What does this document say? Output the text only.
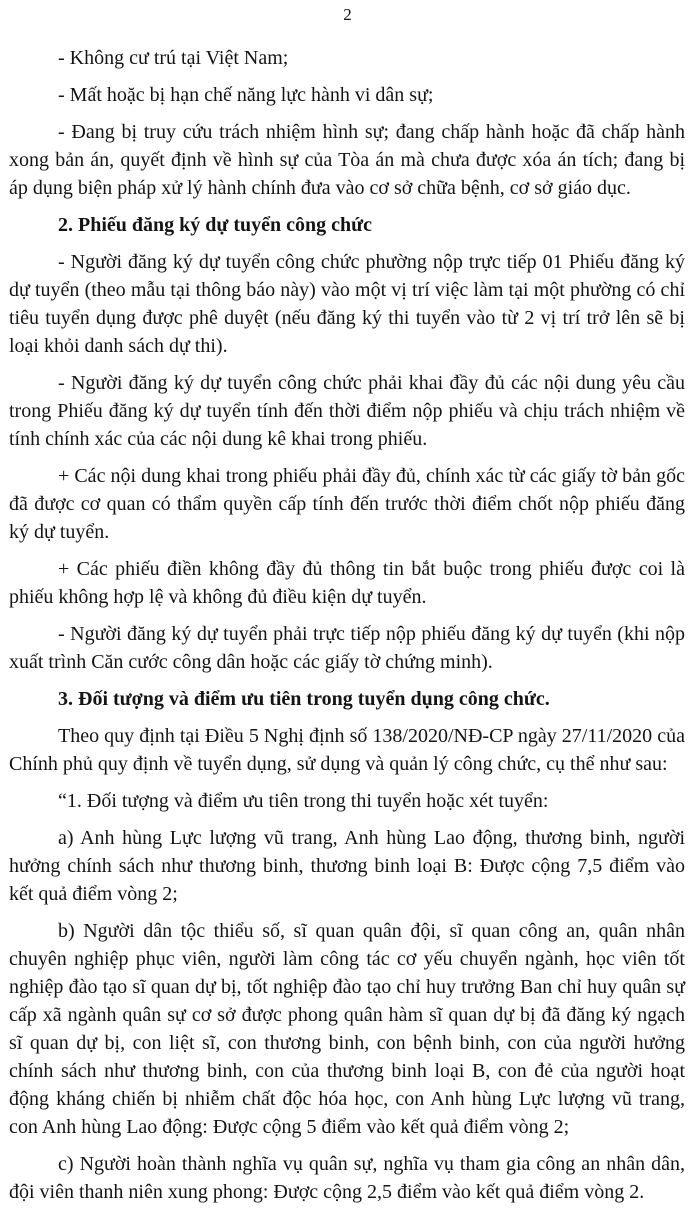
2

- Không cư trú tại Việt Nam;

- Mất hoặc bị hạn chế năng lực hành vi dân sự;

- Đang bị truy cứu trách nhiệm hình sự; đang chấp hành hoặc đã chấp hành xong bản án, quyết định về hình sự của Tòa án mà chưa được xóa án tích; đang bị áp dụng biện pháp xử lý hành chính đưa vào cơ sở chữa bệnh, cơ sở giáo dục.

2. Phiếu đăng ký dự tuyển công chức

- Người đăng ký dự tuyển công chức phường nộp trực tiếp 01 Phiếu đăng ký dự tuyển (theo mẫu tại thông báo này) vào một vị trí việc làm tại một phường có chỉ tiêu tuyển dụng được phê duyệt (nếu đăng ký thi tuyển vào từ 2 vị trí trở lên sẽ bị loại khỏi danh sách dự thi).

- Người đăng ký dự tuyển công chức phải khai đầy đủ các nội dung yêu cầu trong Phiếu đăng ký dự tuyển tính đến thời điểm nộp phiếu và chịu trách nhiệm về tính chính xác của các nội dung kê khai trong phiếu.

+ Các nội dung khai trong phiếu phải đầy đủ, chính xác từ các giấy tờ bản gốc đã được cơ quan có thẩm quyền cấp tính đến trước thời điểm chốt nộp phiếu đăng ký dự tuyển.

+ Các phiếu điền không đầy đủ thông tin bắt buộc trong phiếu được coi là phiếu không hợp lệ và không đủ điều kiện dự tuyển.

- Người đăng ký dự tuyển phải trực tiếp nộp phiếu đăng ký dự tuyển (khi nộp xuất trình Căn cước công dân hoặc các giấy tờ chứng minh).

3. Đối tượng và điểm ưu tiên trong tuyển dụng công chức.

Theo quy định tại Điều 5 Nghị định số 138/2020/NĐ-CP ngày 27/11/2020 của Chính phủ quy định về tuyển dụng, sử dụng và quản lý công chức, cụ thể như sau:

“1. Đối tượng và điểm ưu tiên trong thi tuyển hoặc xét tuyển:

a) Anh hùng Lực lượng vũ trang, Anh hùng Lao động, thương binh, người hưởng chính sách như thương binh, thương binh loại B: Được cộng 7,5 điểm vào kết quả điểm vòng 2;

b) Người dân tộc thiểu số, sĩ quan quân đội, sĩ quan công an, quân nhân chuyên nghiệp phục viên, người làm công tác cơ yếu chuyển ngành, học viên tốt nghiệp đào tạo sĩ quan dự bị, tốt nghiệp đào tạo chỉ huy trưởng Ban chỉ huy quân sự cấp xã ngành quân sự cơ sở được phong quân hàm sĩ quan dự bị đã đăng ký ngạch sĩ quan dự bị, con liệt sĩ, con thương binh, con bệnh binh, con của người hưởng chính sách như thương binh, con của thương binh loại B, con đẻ của người hoạt động kháng chiến bị nhiễm chất độc hóa học, con Anh hùng Lực lượng vũ trang, con Anh hùng Lao động: Được cộng 5 điểm vào kết quả điểm vòng 2;

c) Người hoàn thành nghĩa vụ quân sự, nghĩa vụ tham gia công an nhân dân, đội viên thanh niên xung phong: Được cộng 2,5 điểm vào kết quả điểm vòng 2.
